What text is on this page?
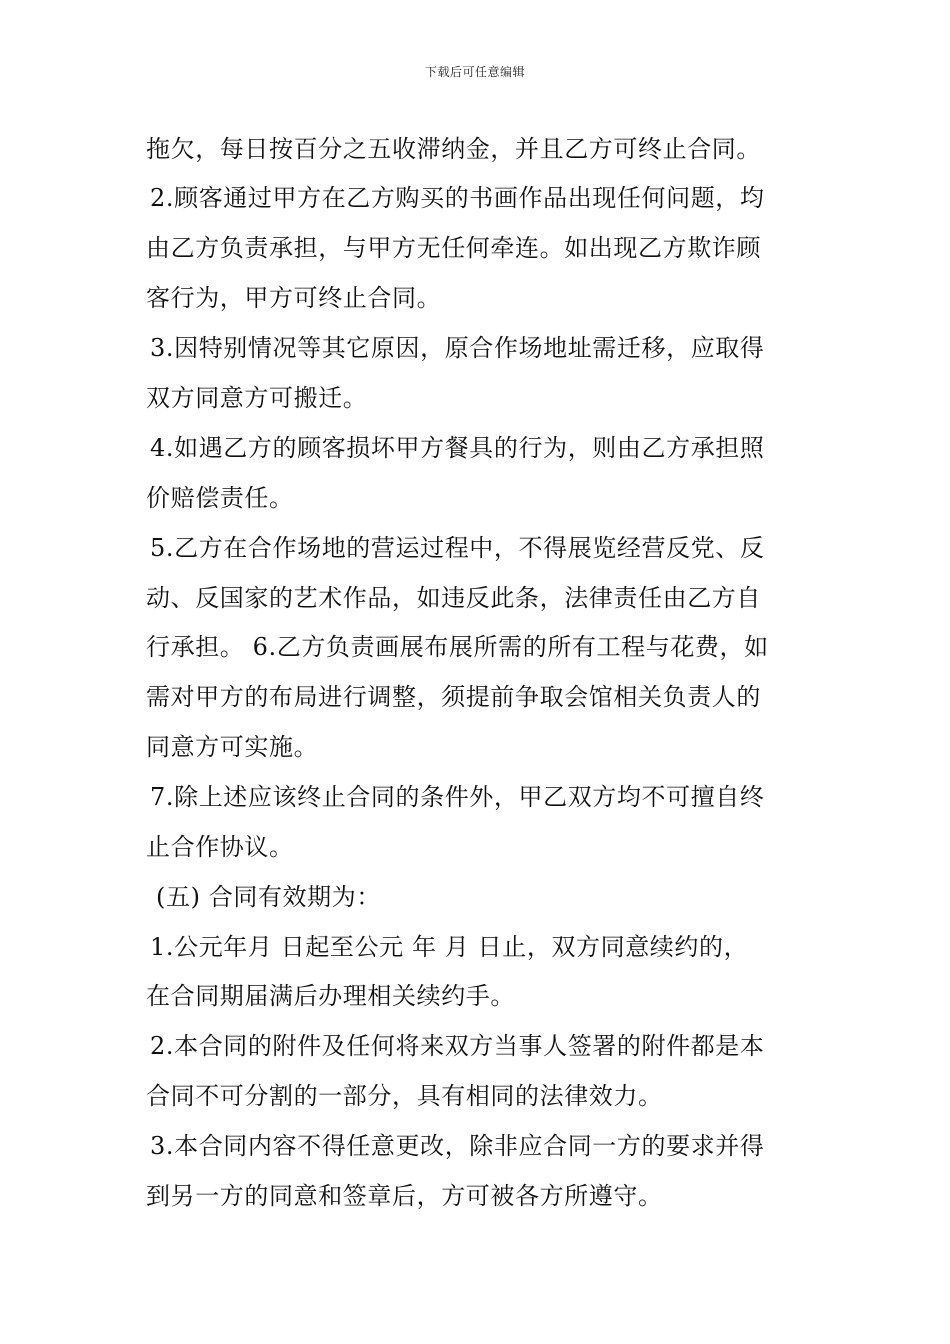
下载后可任意编辑
拖欠，每日按百分之五收滞纳金，并且乙方可终止合同。
2.顾客通过甲方在乙方购买的书画作品出现任何问题，均
由乙方负责承担，与甲方无任何牵连。如出现乙方欺诈顾
客行为，甲方可终止合同。
3.因特别情况等其它原因，原合作场地址需迁移，应取得
双方同意方可搬迁。
4.如遇乙方的顾客损坏甲方餐具的行为，则由乙方承担照
价赔偿责任。
5.乙方在合作场地的营运过程中，不得展览经营反党、反
动、反国家的艺术作品，如违反此条，法律责任由乙方自
行承担。 6.乙方负责画展布展所需的所有工程与花费，如
需对甲方的布局进行调整，须提前争取会馆相关负责人的
同意方可实施。
7.除上述应该终止合同的条件外，甲乙双方均不可擅自终
止合作协议。
(五) 合同有效期为：
1.公元年月 日起至公元 年 月 日止，双方同意续约的，
在合同期届满后办理相关续约手。
2.本合同的附件及任何将来双方当事人签署的附件都是本
合同不可分割的一部分，具有相同的法律效力。
3.本合同内容不得任意更改，除非应合同一方的要求并得
到另一方的同意和签章后，方可被各方所遵守。
